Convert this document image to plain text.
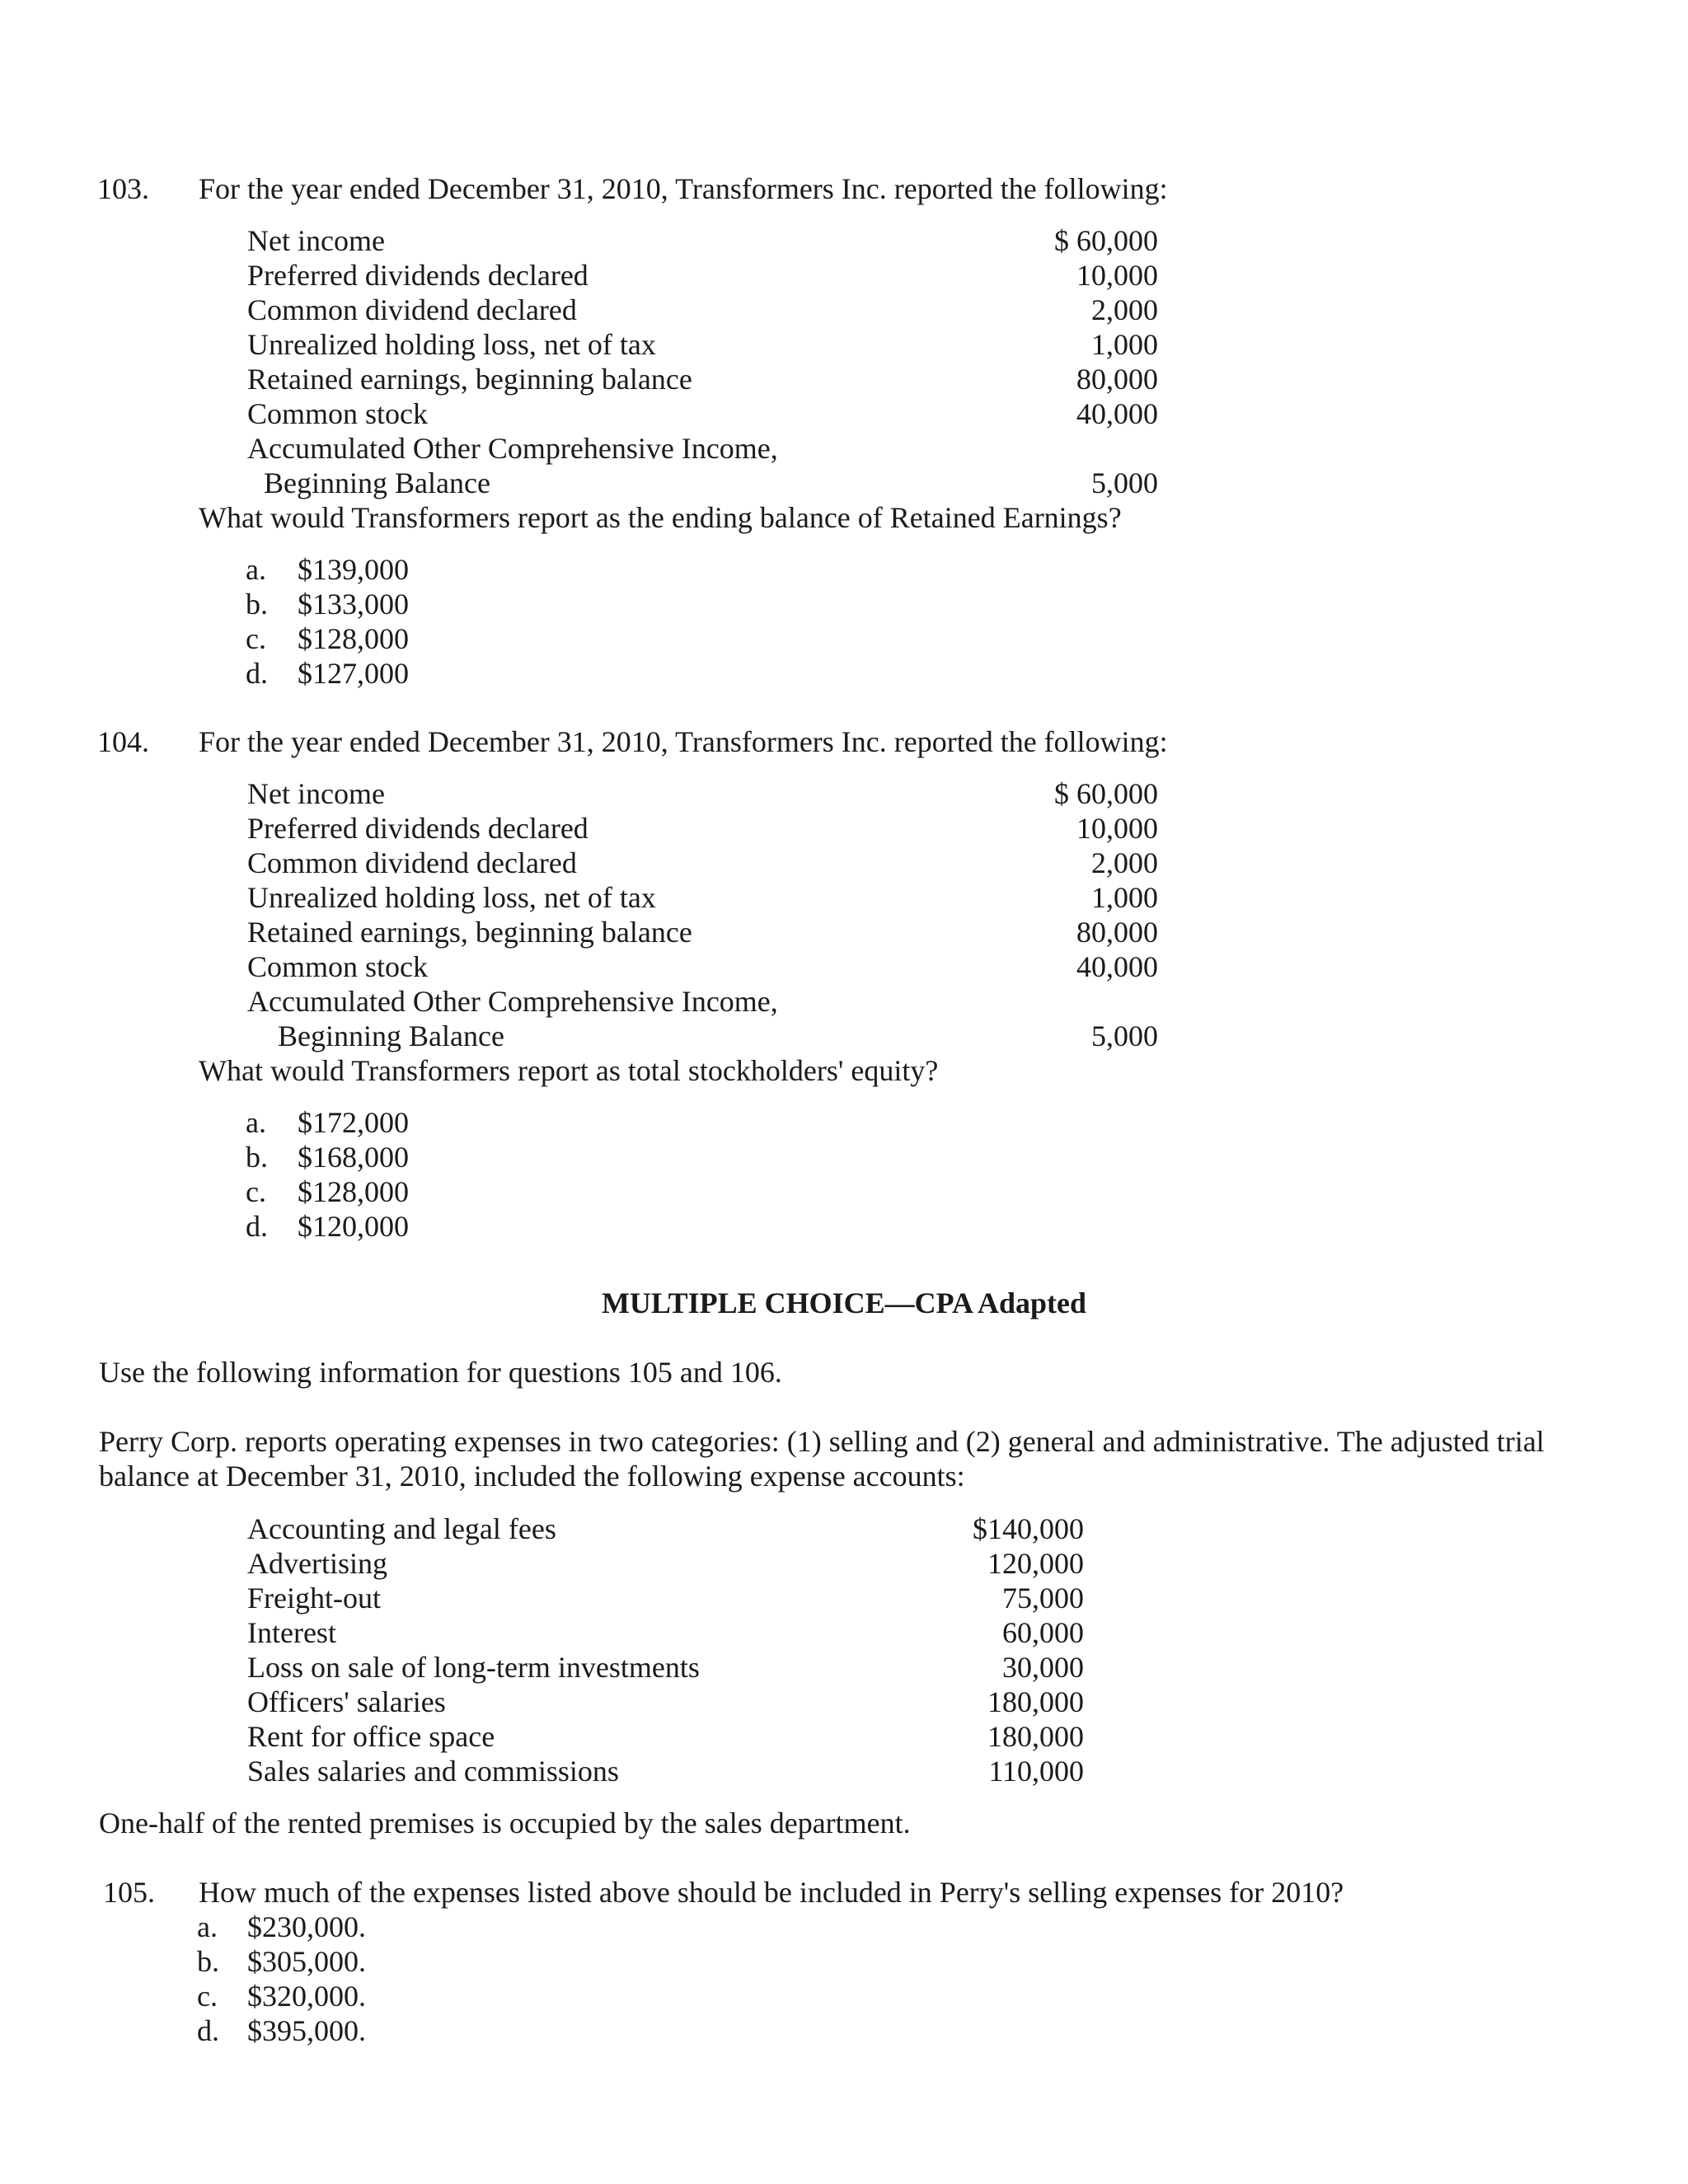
103. For the year ended December 31, 2010, Transformers Inc. reported the following:
Net income	$ 60,000
Preferred dividends declared	10,000
Common dividend declared	2,000
Unrealized holding loss, net of tax	1,000
Retained earnings, beginning balance	80,000
Common stock	40,000
Accumulated Other Comprehensive Income,
Beginning Balance	5,000
What would Transformers report as the ending balance of Retained Earnings?
a. $139,000
b. $133,000
c. $128,000
d. $127,000
104. For the year ended December 31, 2010, Transformers Inc. reported the following:
Net income	$ 60,000
Preferred dividends declared	10,000
Common dividend declared	2,000
Unrealized holding loss, net of tax	1,000
Retained earnings, beginning balance	80,000
Common stock	40,000
Accumulated Other Comprehensive Income,
Beginning Balance	5,000
What would Transformers report as total stockholders' equity?
a. $172,000
b. $168,000
c. $128,000
d. $120,000
MULTIPLE CHOICE—CPA Adapted
Use the following information for questions 105 and 106.
Perry Corp. reports operating expenses in two categories: (1) selling and (2) general and administrative. The adjusted trial
balance at December 31, 2010, included the following expense accounts:
Accounting and legal fees	$140,000
Advertising	120,000
Freight-out	75,000
Interest	60,000
Loss on sale of long-term investments	30,000
Officers' salaries	180,000
Rent for office space	180,000
Sales salaries and commissions	110,000
One-half of the rented premises is occupied by the sales department.
105. How much of the expenses listed above should be included in Perry's selling expenses for 2010?
a. $230,000.
b. $305,000.
c. $320,000.
d. $395,000.
